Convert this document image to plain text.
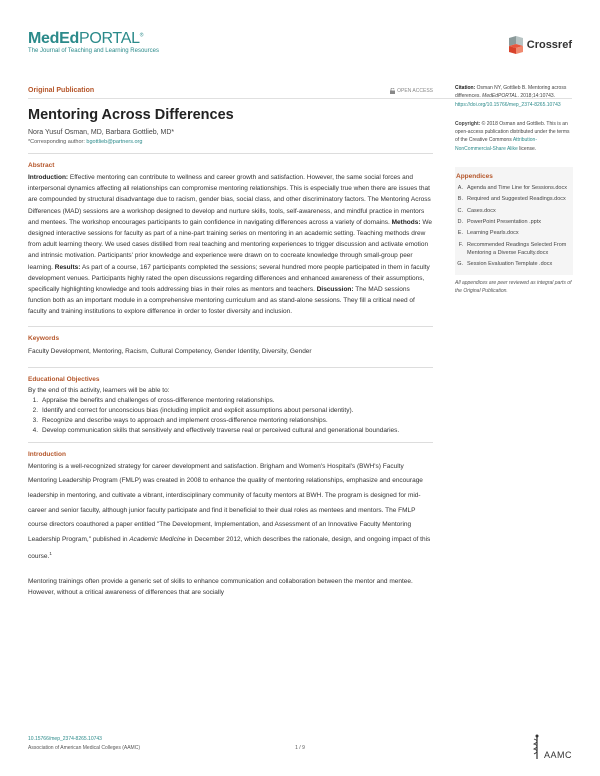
MedEdPORTAL®
The Journal of Teaching and Learning Resources	Crossref
Original Publication	OPEN ACCESS
Mentoring Across Differences
Nora Yusuf Osman, MD, Barbara Gottlieb, MD*
*Corresponding author: bgottlieb@partners.org
Abstract

Introduction: Effective mentoring can contribute to wellness and career growth and satisfaction. However, the same social forces and interpersonal dynamics affecting all relationships can compromise mentoring relationships. This is especially true when there are issues that are compounded by structural disadvantage due to racism, gender bias, social class, and other discriminatory factors. The Mentoring Across Differences (MAD) sessions are a workshop designed to develop and nurture skills, tools, self-awareness, and mindful practice in mentors and mentees. The workshop encourages participants to gain confidence in navigating differences across a variety of domains. Methods: We designed interactive sessions for faculty as part of a nine-part training series on mentoring in an academic setting. Teaching methods drew from adult learning theory. We used cases distilled from real teaching and mentoring experiences to trigger discussion and activate emotion and intrinsic motivation. Participants' prior knowledge and experience were drawn on to cocreate knowledge through small-group peer learning. Results: As part of a course, 167 participants completed the sessions; several hundred more people participated in them in faculty development venues. Participants highly rated the open discussions regarding differences and enhanced awareness of their assumptions, specifically highlighting knowledge and tools addressing bias in their roles as mentors and teachers. Discussion: The MAD sessions function both as an important module in a comprehensive mentoring curriculum and as stand-alone sessions. They fill a critical need of faculty and training institutions to explore difference in order to foster diversity and inclusion.

Keywords
Faculty Development, Mentoring, Racism, Cultural Competency, Gender Identity, Diversity, Gender
Educational Objectives
By the end of this activity, learners will be able to:
1. Appraise the benefits and challenges of cross-difference mentoring relationships.
2. Identify and correct for unconscious bias (including implicit and explicit assumptions about personal identity).
3. Recognize and describe ways to approach and implement cross-difference mentoring relationships.
4. Develop communication skills that sensitively and effectively traverse real or perceived cultural and generational boundaries.
Introduction

Mentoring is a well-recognized strategy for career development and satisfaction. Brigham and Women's Hospital's (BWH's) Faculty Mentoring Leadership Program (FMLP) was created in 2008 to enhance the quality of mentoring relationships, emphasize and encourage leadership in mentoring, and cultivate a vibrant, interdisciplinary community of faculty mentors at BWH. The program is designed for mid-career and senior faculty, although junior faculty participate and find it beneficial to their dual roles as mentees and mentors. The FMLP course directors coauthored a paper entitled "The Development, Implementation, and Assessment of an Innovative Faculty Mentoring Leadership Program," published in Academic Medicine in December 2012, which describes the rationale, design, and ongoing impact of this course.$^1$

Mentoring trainings often provide a generic set of skills to enhance communication and collaboration between the mentor and mentee. However, without a critical awareness of differences that are socially

Citation: Osman NY, Gottlieb B. Mentoring across differences. MedEdPORTAL. 2018;14:10743.
https://doi.org/10.15766/mep_2374-8265.10743
Copyright: © 2018 Osman and Gottlieb. This is an open-access publication distributed under the terms of the Creative Commons Attribution-NonCommercial-Share Alike license.
Appendices
A. Agenda and Time Line for Sessions.docx
B. Required and Suggested Readings.docx
C. Cases.docx
D. PowerPoint Presentation .pptx
E. Learning Pearls.docx
F. Recommended Readings Selected From Mentoring a Diverse Faculty.docx
G. Session Evaluation Template .docx
All appendices are peer reviewed as integral parts of the Original Publication.
10.15766/mep_2374-8265.10743
Association of American Medical Colleges (AAMC)	1 / 9
AAMC
